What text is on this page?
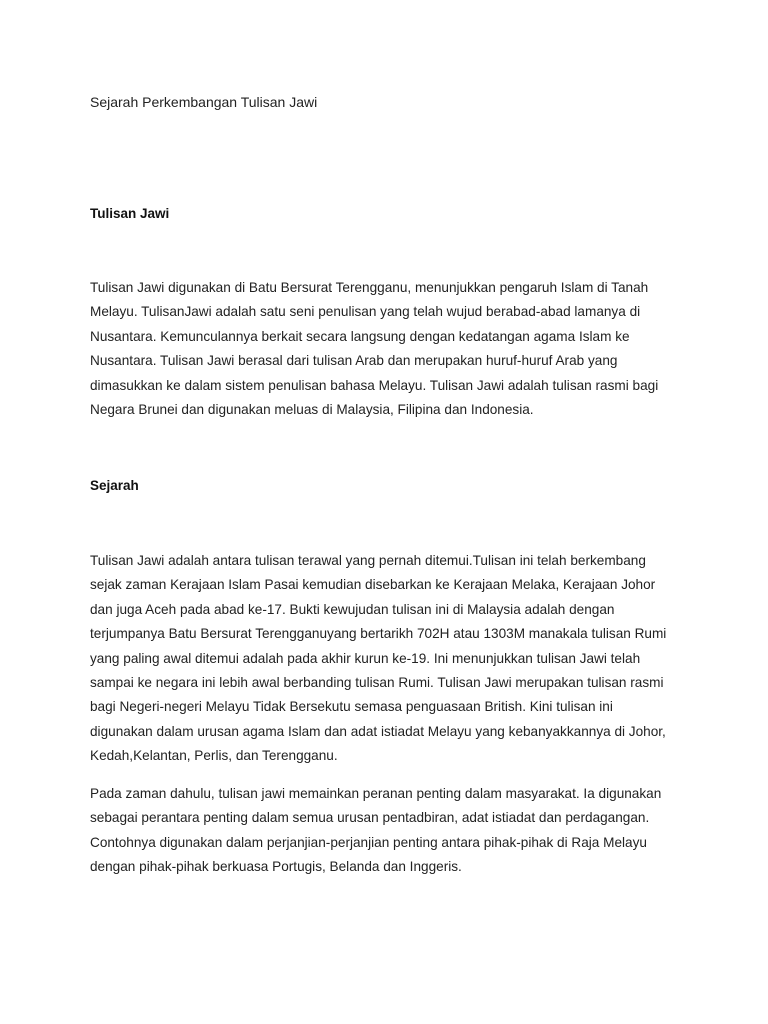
Sejarah Perkembangan Tulisan Jawi
Tulisan Jawi
Tulisan Jawi digunakan di Batu Bersurat Terengganu, menunjukkan pengaruh Islam di Tanah
Melayu. TulisanJawi adalah satu seni penulisan yang telah wujud berabad-abad lamanya di
Nusantara. Kemunculannya berkait secara langsung dengan kedatangan agama Islam ke
Nusantara. Tulisan Jawi berasal dari tulisan Arab dan merupakan huruf-huruf Arab yang
dimasukkan ke dalam sistem penulisan bahasa Melayu. Tulisan Jawi adalah tulisan rasmi bagi
Negara Brunei dan digunakan meluas di Malaysia, Filipina dan Indonesia.
Sejarah
Tulisan Jawi adalah antara tulisan terawal yang pernah ditemui.Tulisan ini telah berkembang
sejak zaman Kerajaan Islam Pasai kemudian disebarkan ke Kerajaan Melaka, Kerajaan Johor
dan juga Aceh pada abad ke-17. Bukti kewujudan tulisan ini di Malaysia adalah dengan
terjumpanya Batu Bersurat Terengganuyang bertarikh 702H atau 1303M manakala tulisan Rumi
yang paling awal ditemui adalah pada akhir kurun ke-19. Ini menunjukkan tulisan Jawi telah
sampai ke negara ini lebih awal berbanding tulisan Rumi. Tulisan Jawi merupakan tulisan rasmi
bagi Negeri-negeri Melayu Tidak Bersekutu semasa penguasaan British. Kini tulisan ini
digunakan dalam urusan agama Islam dan adat istiadat Melayu yang kebanyakkannya di Johor,
Kedah,Kelantan, Perlis, dan Terengganu.
Pada zaman dahulu, tulisan jawi memainkan peranan penting dalam masyarakat. Ia digunakan
sebagai perantara penting dalam semua urusan pentadbiran, adat istiadat dan perdagangan.
Contohnya digunakan dalam perjanjian-perjanjian penting antara pihak-pihak di Raja Melayu
dengan pihak-pihak berkuasa Portugis, Belanda dan Inggeris.
